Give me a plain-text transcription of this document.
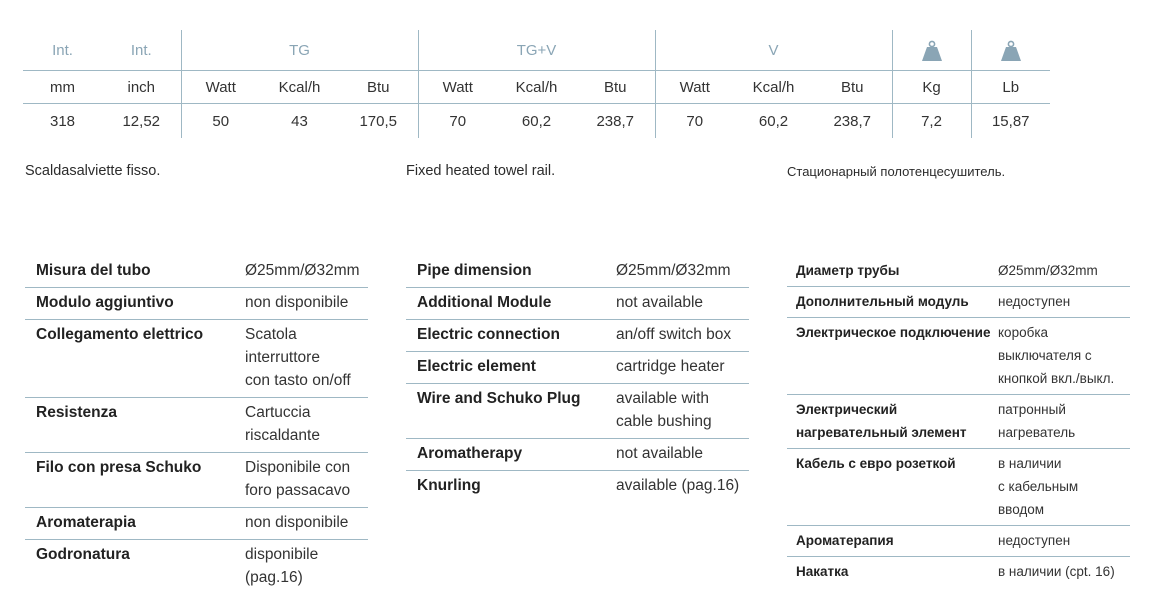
Int.	Int.	TG			TG+V			V		
mm	inch	Watt	Kcal/h	Btu	Watt	Kcal/h	Btu	Watt	Kcal/h	Btu	Kg	Lb
318	12,52	50	43	170,5	70	60,2	238,7	70	60,2	238,7	7,2	15,87
Scaldasalviette fisso.	Fixed heated towel rail.	Стационарный полотенцесушитель.
Misura del tubo	Ø25mm/Ø32mm

Modulo aggiuntivo	non disponibile

Collegamento elettrico	Scatola interruttore
con tasto on/off

Resistenza	Cartuccia
riscaldante

Filo con presa Schuko	Disponibile con
foro passacavo

Aromaterapia	non disponibile

Godronatura	disponibile (pag.16)
Pipe dimension	Ø25mm/Ø32mm

Additional Module	not available

Electric connection	an/off switch box

Electric element	cartridge heater

Wire and Schuko Plug	available with
cable bushing

Aromatherapy	not available

Knurling	available (pag.16)
Диаметр трубы	Ø25mm/Ø32mm

Дополнительный модуль	недоступен

Электрическое подключение	коробка
выключателя с
кнопкой вкл./выкл.

Электрический
нагревательный элемент	патронный
нагреватель

Кабель с евро розеткой	в наличии
с кабельным
вводом

Ароматерапия	недоступен

Накатка	в наличии (срt. 16)
